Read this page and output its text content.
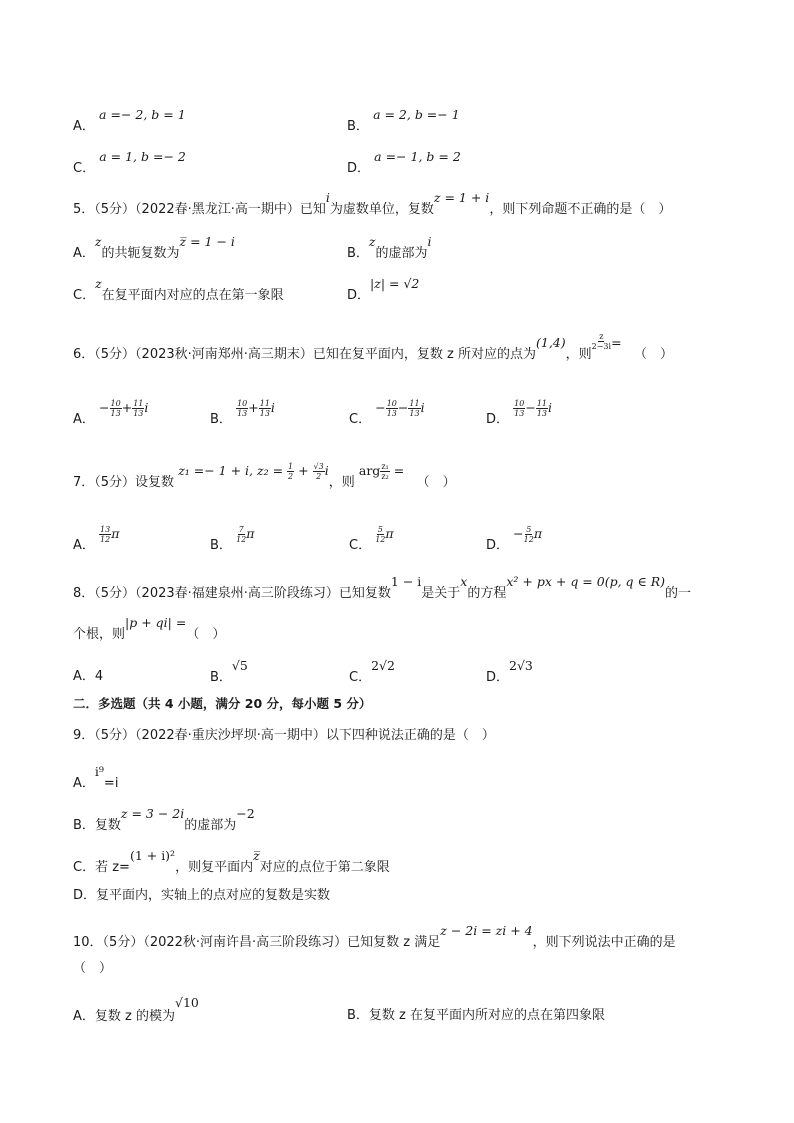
A． a =− 2, b = 1
B． a = 2, b =− 1
C． a = 1, b =− 2
D． a =− 1, b = 2
5．（5分）（2022春·黑龙江·高一期中）已知i为虚数单位，复数z = 1 + i，则下列命题不正确的是（　）
A．z的共轭复数为z̅ = 1 − i
B．z的虚部为i
C．z在复平面内对应的点在第一象限	D．|z| = √2
6．（5分）（2023秋·河南郑州·高三期末）已知在复平面内，复数 z 所对应的点为(1,4)，则
$\frac{z}{2-3i}$ =   （　）
A． − $\frac{10}{13} + \frac{11}{13}$ i
B．
$\frac{10}{13} + \frac{11}{13}$ i
C． − $\frac{10}{13} - \frac{11}{13}$ i
D．
$\frac{10}{13} - \frac{11}{13}$ i
7．（5分）设复数 z₁ =− 1 + i, $z_2 = \frac{1}{2} + \frac{√3}{2}$ i，则 arg $\frac{\text{z₁}}{\text{z₂}}$ =   （　）
A．
$\frac{13}{12}$ π
B．
$\frac{7}{12}$ π
C．
$\frac{5}{12}$ π
D． − $\frac{5}{12}$ π
8．（5分）（2023春·福建泉州·高三阶段练习）已知复数1 − i是关于x的方程x² + px + q = 0(p, q ∈ R)的一
个根，则|p + qi| =（　）
A．4	B．√5
C．2√2
D．2√3
二．多选题（共 4 小题，满分 20 分，每小题 5 分）
9．（5分）（2022春·重庆沙坪坝·高一期中）以下四种说法正确的是（　）
A．i⁹=i
B．复数z = 3 − 2i的虚部为−2
C．若 z=(1 + i)²，则复平面内z̅对应的点位于第二象限
D．复平面内，实轴上的点对应的复数是实数
10．（5分）（2022秋·河南许昌·高三阶段练习）已知复数 z 满足z − 2i = zi + 4，则下列说法中正确的是
（　）
A．复数 z 的模为√10
B．复数 z 在复平面内所对应的点在第四象限
